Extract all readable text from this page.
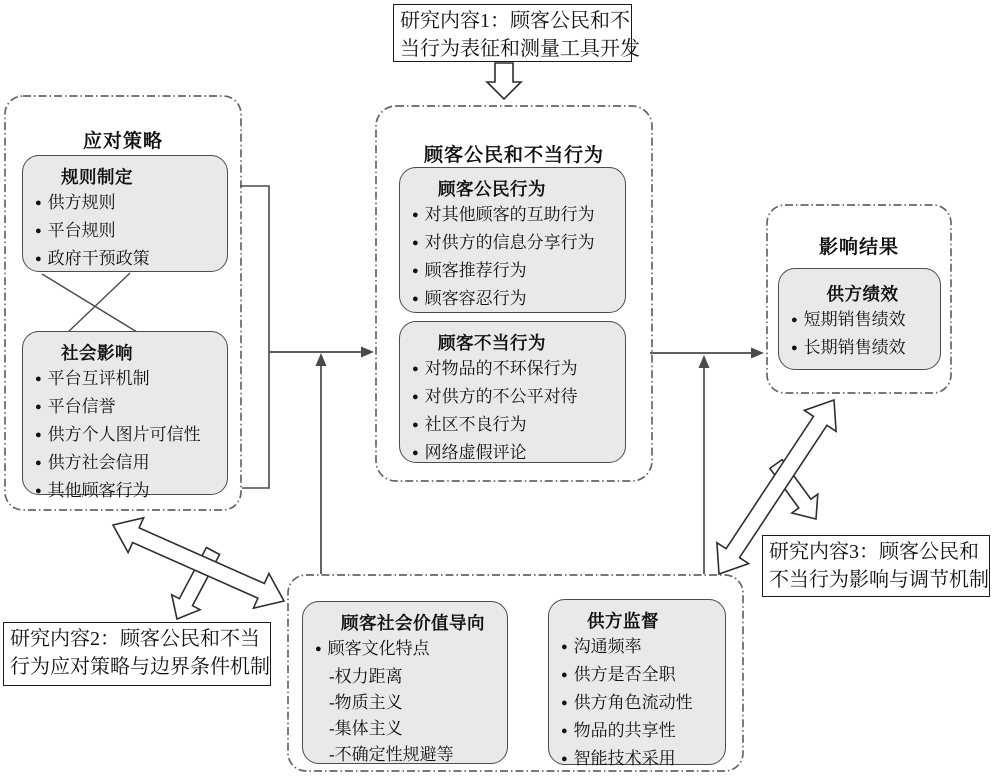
研究内容1：顾客公民和不
当行为表征和测量工具开发
研究内容2：顾客公民和不当
行为应对策略与边界条件机制
研究内容3：顾客公民和
不当行为影响与调节机制
应对策略
顾客公民和不当行为
影响结果
规则制定
● 供方规则
● 平台规则
● 政府干预政策
社会影响
● 平台互评机制
● 平台信誉
● 供方个人图片可信性
● 供方社会信用
● 其他顾客行为
顾客公民行为
● 对其他顾客的互助行为
● 对供方的信息分享行为
● 顾客推荐行为
● 顾客容忍行为
顾客不当行为
● 对物品的不环保行为
● 对供方的不公平对待
● 社区不良行为
● 网络虚假评论
供方绩效
● 短期销售绩效
● 长期销售绩效
顾客社会价值导向
● 顾客文化特点
-权力距离
-物质主义
-集体主义
-不确定性规避等
供方监督
● 沟通频率
● 供方是否全职
● 供方角色流动性
● 物品的共享性
● 智能技术采用
